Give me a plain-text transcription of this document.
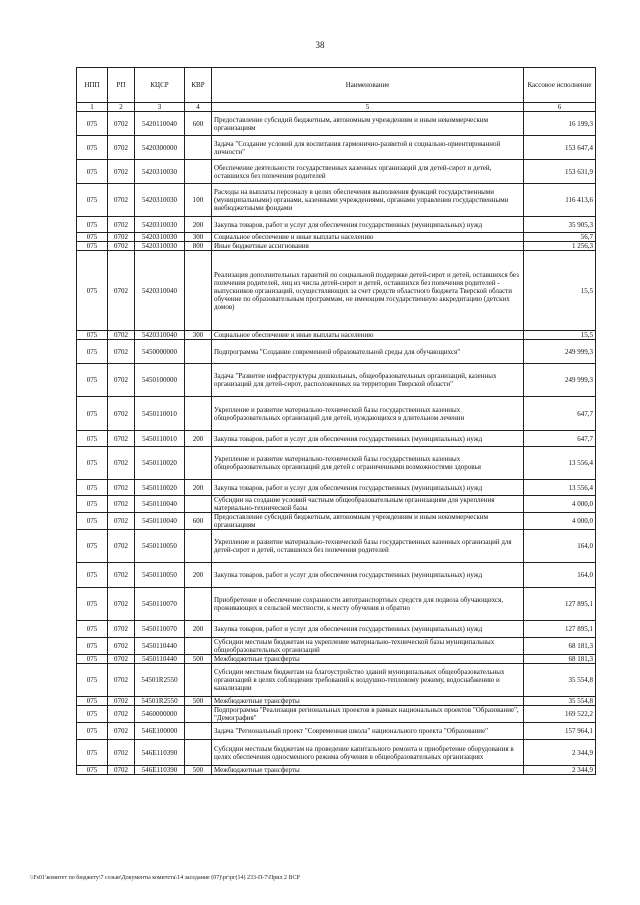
38
НПП	РП	КЦСР	КВР	Наименование	Кассовое исполнение
1	2	3	4	5	6
075	0702	5420110040	600	Предоставление субсидий бюджетным, автономным учреждениям и иным некоммерческим организациям	16 199,3
075	0702	5420300000		Задача "Создание условий для воспитания гармонично-развитой и социально-ориентированной личности"	153 647,4
075	0702	5420310030		Обеспечение деятельности государственных казенных организаций для детей-сирот и детей, оставшихся без попечения родителей	153 631,9
075	0702	5420310030	100	Расходы на выплаты персоналу в целях обеспечения выполнения функций государственными (муниципальными) органами, казенными учреждениями, органами управления государственными внебюджетными фондами	116 413,6
075	0702	5420310030	200	Закупка товаров, работ и услуг для обеспечения государственных (муниципальных) нужд	35 905,3
075	0702	5420310030	300	Социальное обеспечение и иные выплаты населению	56,7
075	0702	5420310030	800	Иные бюджетные ассигнования	1 256,3
075	0702	5420310040		Реализация дополнительных гарантий по социальной поддержке детей-сирот и детей, оставшихся без попечения родителей, лиц из числа детей-сирот и детей, оставшихся без попечения родителей - выпускников организаций, осуществляющих за счет средств областного бюджета Тверской области обучение по образовательным программам, не имеющим государственную аккредитацию (детских домов)	15,5
075	0702	5420310040	300	Социальное обеспечение и иные выплаты населению	15,5
075	0702	5450000000		Подпрограмма "Создание современной образовательной среды для обучающихся"	249 999,3
075	0702	5450100000		Задача "Развитие инфраструктуры дошкольных, общеобразовательных организаций, казенных организаций для детей-сирот, расположенных на территории Тверской области"	249 999,3
075	0702	5450110010		Укрепление и развитие материально-технической базы государственных казенных общеобразовательных организаций для детей, нуждающихся в длительном лечении	647,7
075	0702	5450110010	200	Закупка товаров, работ и услуг для обеспечения государственных (муниципальных) нужд	647,7
075	0702	5450110020		Укрепление и развитие материально-технической базы государственных казенных общеобразовательных организаций для детей с ограниченными возможностями здоровья	13 556,4
075	0702	5450110020	200	Закупка товаров, работ и услуг для обеспечения государственных (муниципальных) нужд	13 556,4
075	0702	5450110040		Субсидии на создание условий частным общеобразовательным организациям для укрепления материально-технической базы	4 000,0
075	0702	5450110040	600	Предоставление субсидий бюджетным, автономным учреждениям и иным некоммерческим организациям	4 000,0
075	0702	5450110050		Укрепление и развитие материально-технической базы государственных казенных организаций для детей-сирот и детей, оставшихся без попечения родителей	164,0
075	0702	5450110050	200	Закупка товаров, работ и услуг для обеспечения государственных (муниципальных) нужд	164,0
075	0702	5450110070		Приобретение и обеспечение сохранности автотранспортных средств для подвоза обучающихся, проживающих в сельской местности, к месту обучения и обратно	127 895,1
075	0702	5450110070	200	Закупка товаров, работ и услуг для обеспечения государственных (муниципальных) нужд	127 895,1
075	0702	5450110440		Субсидии местным бюджетам на укрепление материально-технической базы муниципальных общеобразовательных организаций	68 181,3
075	0702	5450110440	500	Межбюджетные трансферты	68 181,3
075	0702	54501R2550		Субсидии местным бюджетам на благоустройство зданий муниципальных общеобразовательных организаций в целях соблюдения требований к воздушно-тепловому режиму, водоснабжению и канализации	35 554,8
075	0702	54501R2550	500	Межбюджетные трансферты	35 554,8
075	0702	5460000000		Подпрограмма "Реализация региональных проектов в рамках национальных проектов "Образование", "Демография"	169 522,2
075	0702	546E100000		Задача "Региональный проект "Современная школа" национального проекта "Образование"	157 964,1
075	0702	546E110390		Субсидии местным бюджетам на проведение капитального ремонта и приобретение оборудования в целях обеспечения односменного режима обучения в общеобразовательных организациях	2 344,9
075	0702	546E110390	500	Межбюджетные трансферты	2 344,9
\\Fs01\комитет по бюджету\7 созыв\Документы комитета\14 заседание (07)\рг\рг(14) 233-П-7\Прил 2 ВСР
